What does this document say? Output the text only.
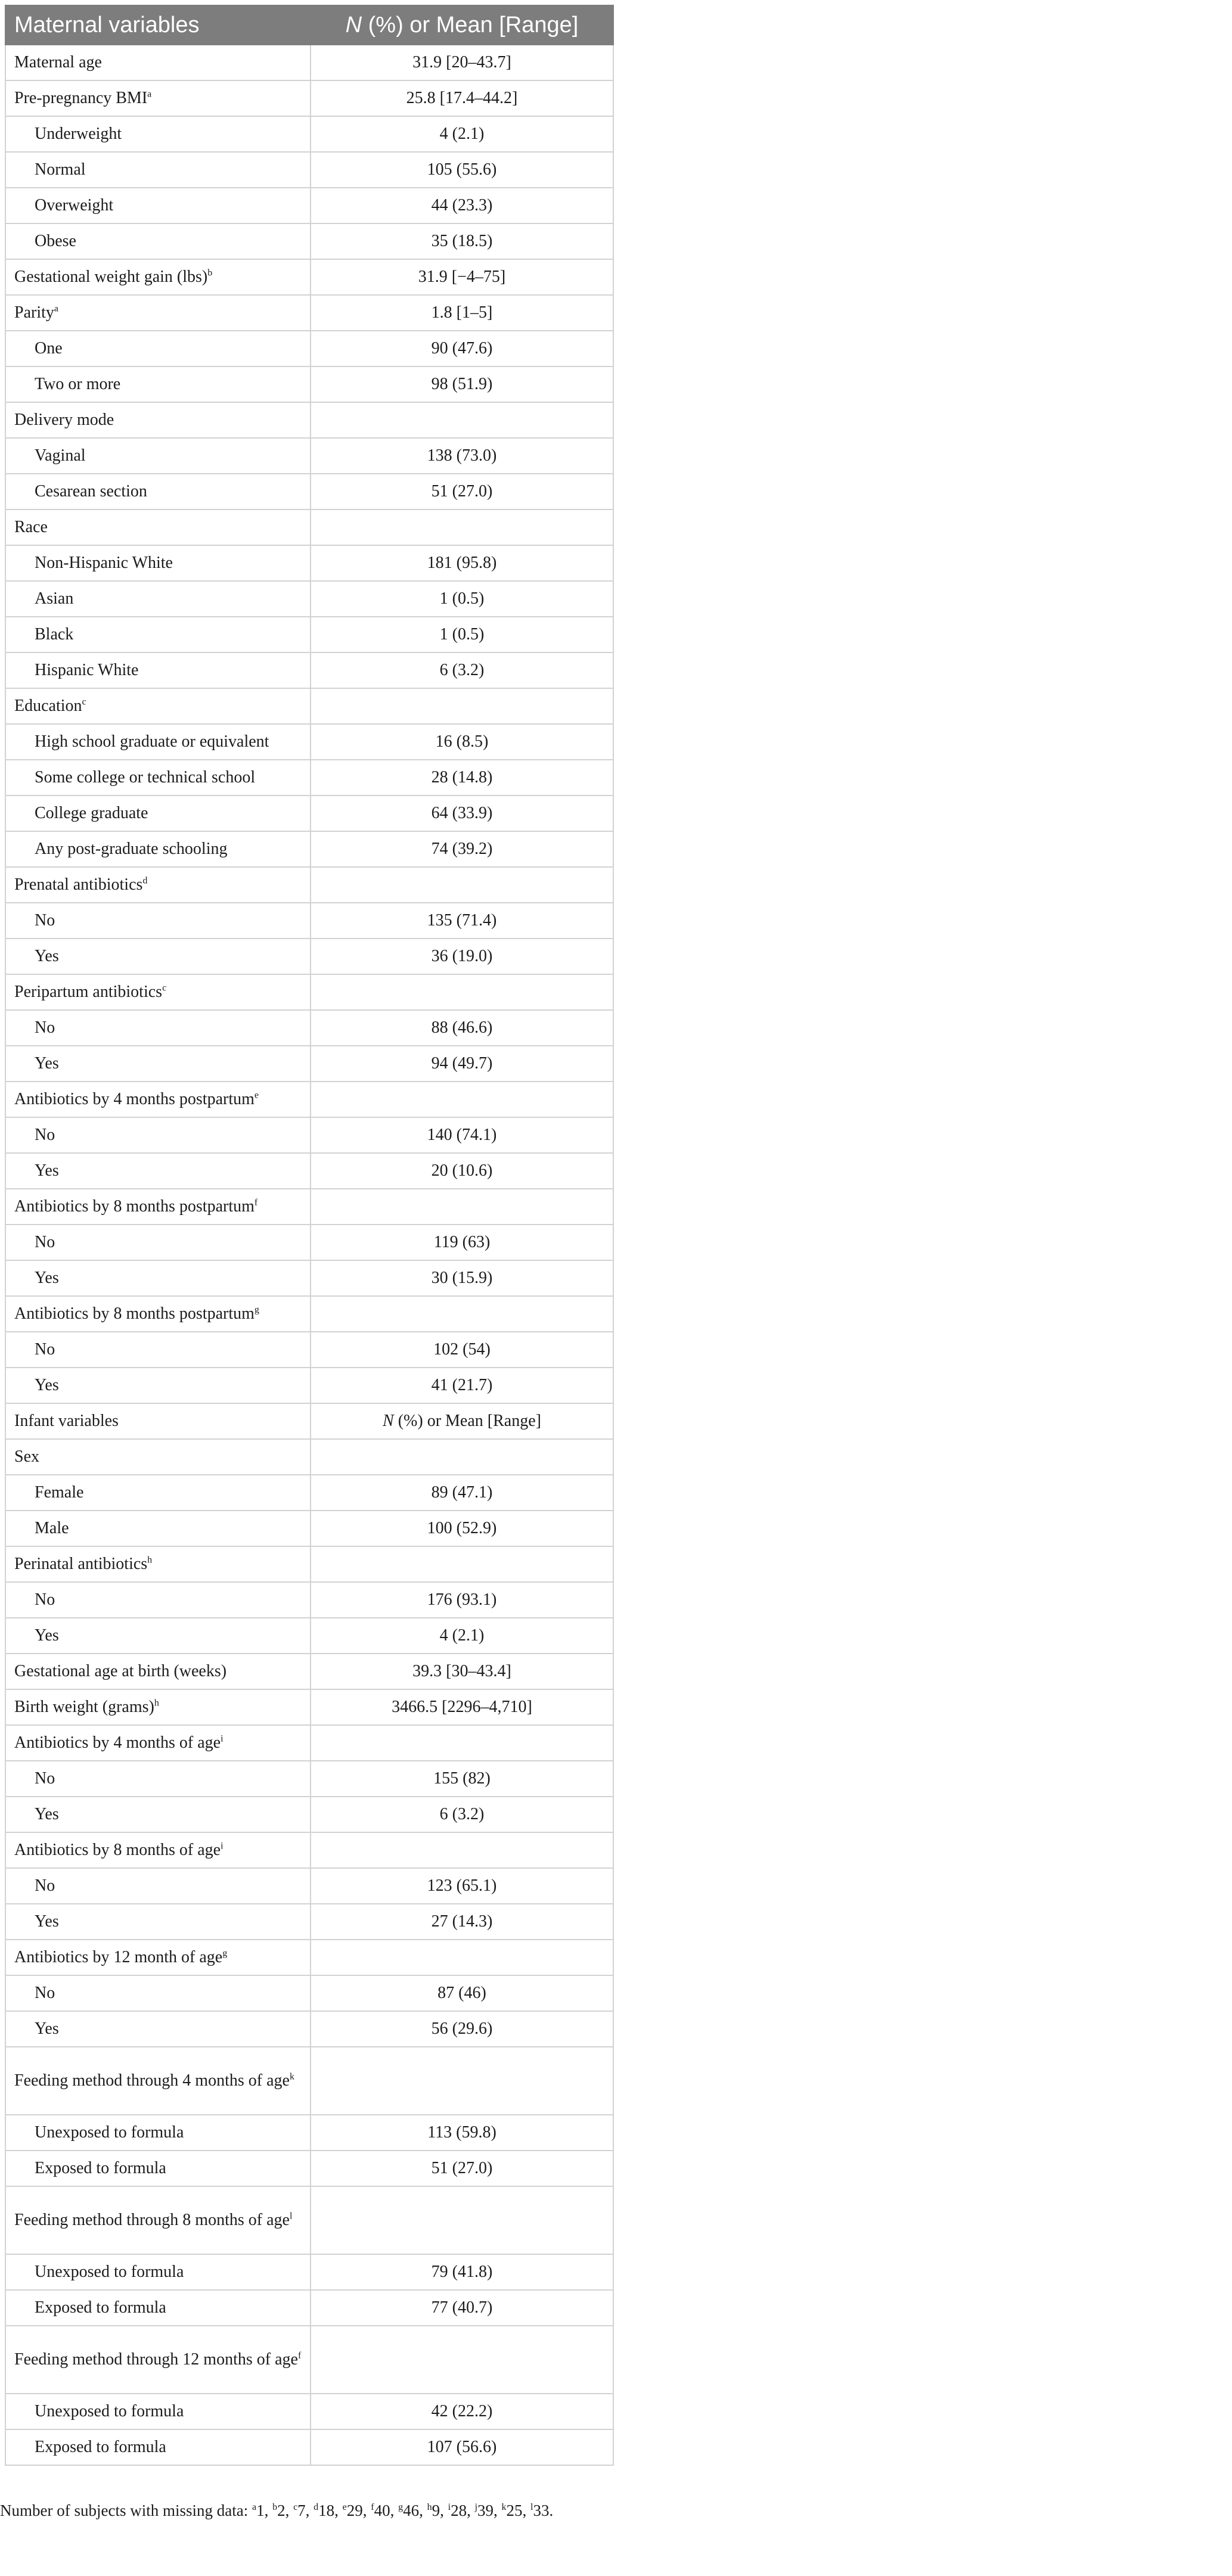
Maternal variables	N (%) or Mean [Range]
Maternal age	31.9 [20–43.7]
Pre-pregnancy BMI$^a$	25.8 [17.4–44.2]
Underweight	4 (2.1)
Normal	105 (55.6)
Overweight	44 (23.3)
Obese	35 (18.5)
Gestational weight gain (lbs)$^b$	31.9 [−4–75]
Parity$^a$	1.8 [1–5]
One	90 (47.6)
Two or more	98 (51.9)
Delivery mode	
Vaginal	138 (73.0)
Cesarean section	51 (27.0)
Race	
Non-Hispanic White	181 (95.8)
Asian	1 (0.5)
Black	1 (0.5)
Hispanic White	6 (3.2)
Education$^c$	
High school graduate or equivalent	16 (8.5)
Some college or technical school	28 (14.8)
College graduate	64 (33.9)
Any post-graduate schooling	74 (39.2)
Prenatal antibiotics$^d$	
No	135 (71.4)
Yes	36 (19.0)
Peripartum antibiotics$^c$	
No	88 (46.6)
Yes	94 (49.7)
Antibiotics by 4 months postpartum$^e$	
No	140 (74.1)
Yes	20 (10.6)
Antibiotics by 8 months postpartum$^f$	
No	119 (63)
Yes	30 (15.9)
Antibiotics by 8 months postpartum$^g$	
No	102 (54)
Yes	41 (21.7)
Infant variables	N (%) or Mean [Range]
Sex	
Female	89 (47.1)
Male	100 (52.9)
Perinatal antibiotics$^h$	
No	176 (93.1)
Yes	4 (2.1)
Gestational age at birth (weeks)	39.3 [30–43.4]
Birth weight (grams)$^h$	3466.5 [2296–4,710]
Antibiotics by 4 months of age$^i$	
No	155 (82)
Yes	6 (3.2)
Antibiotics by 8 months of age$^i$	
No	123 (65.1)
Yes	27 (14.3)
Antibiotics by 12 month of age$^g$	
No	87 (46)
Yes	56 (29.6)
Feeding method through 4 months of age$^k$	
Unexposed to formula	113 (59.8)
Exposed to formula	51 (27.0)
Feeding method through 8 months of age$^l$	
Unexposed to formula	79 (41.8)
Exposed to formula	77 (40.7)
Feeding method through 12 months of age$^f$	
Unexposed to formula	42 (22.2)
Exposed to formula	107 (56.6)
Number of subjects with missing data: $^a$1, $^b$2, $^c$7, $^d$18, $^e$29, $^f$40, $^g$46, $^h$9, $^i$28, $^j$39, $^k$25, $^l$33.
